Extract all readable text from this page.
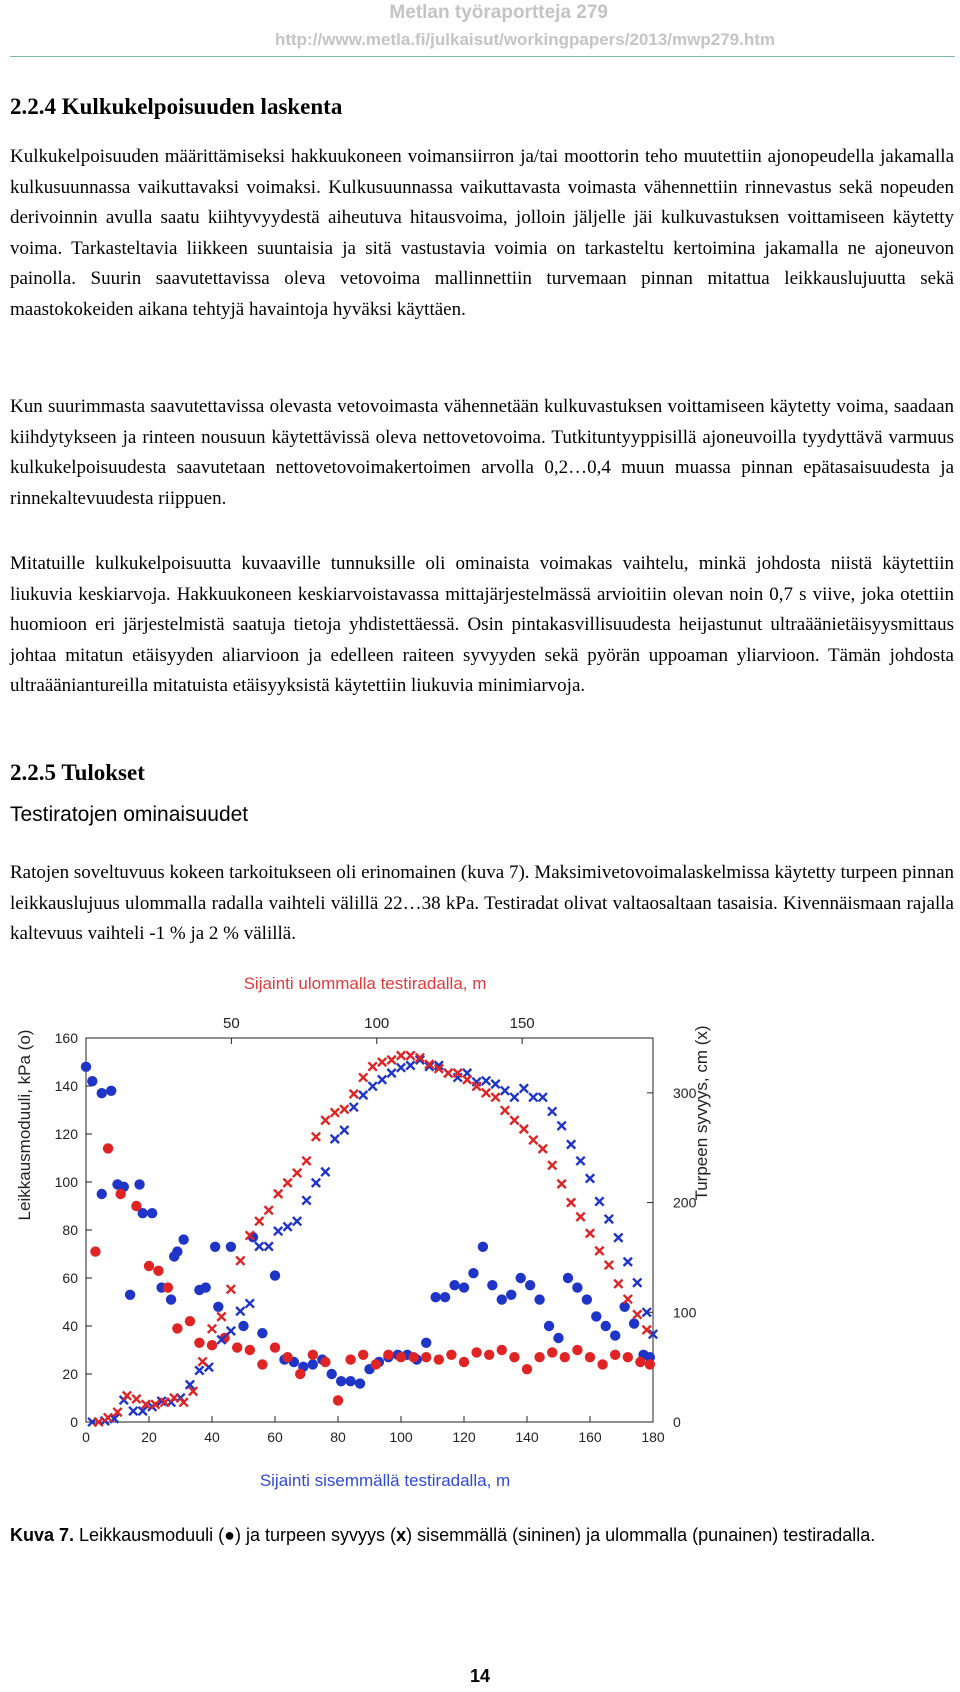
Metlan työraportteja 279
http://www.metla.fi/julkaisut/workingpapers/2013/mwp279.htm
2.2.4 Kulkukelpoisuuden laskenta

Kulkukelpoisuuden määrittämiseksi hakkuukoneen voimansiirron ja/tai moottorin teho muutettiin ajonopeudella jakamalla kulkusuunnassa vaikuttavaksi voimaksi. Kulkusuunnassa vaikuttavasta voimasta vähennettiin rinnevastus sekä nopeuden derivoinnin avulla saatu kiihtyvyydestä aiheutuva hitausvoima, jolloin jäljelle jäi kulkuvastuksen voittamiseen käytetty voima. Tarkasteltavia liikkeen suuntaisia ja sitä vastustavia voimia on tarkasteltu kertoimina jakamalla ne ajoneuvon painolla. Suurin saavutettavissa oleva vetovoima mallinnettiin turvemaan pinnan mitattua leikkauslujuutta sekä maastokokeiden aikana tehtyjä havaintoja hyväksi käyttäen.

Kun suurimmasta saavutettavissa olevasta vetovoimasta vähennetään kulkuvastuksen voittamiseen käytetty voima, saadaan kiihdytykseen ja rinteen nousuun käytettävissä oleva nettovetovoima. Tutkituntyyppisillä ajoneuvoilla tyydyttävä varmuus kulkukelpoisuudesta saavutetaan nettovetovoimakertoimen arvolla 0,2…0,4 muun muassa pinnan epätasaisuudesta ja rinnekaltevuudesta riippuen.

Mitatuille kulkukelpoisuutta kuvaaville tunnuksille oli ominaista voimakas vaihtelu, minkä johdosta niistä käytettiin liukuvia keskiarvoja. Hakkuukoneen keskiarvoistavassa mittajärjestelmässä arvioitiin olevan noin 0,7 s viive, joka otettiin huomioon eri järjestelmistä saatuja tietoja yhdistettäessä. Osin pintakasvillisuudesta heijastunut ultraäänietäisyysmittaus johtaa mitatun etäisyyden aliarvioon ja edelleen raiteen syvyyden sekä pyörän uppoaman yliarvioon. Tämän johdosta ultraääniantureilla mitatuista etäisyyksistä käytettiin liukuvia minimiarvoja.

2.2.5 Tulokset
Testiratojen ominaisuudet

Ratojen soveltuvuus kokeen tarkoitukseen oli erinomainen (kuva 7). Maksimivetovoimalaskelmissa käytetty turpeen pinnan leikkauslujuus ulommalla radalla vaihteli välillä 22…38 kPa. Testiradat olivat valtaosaltaan tasaisia. Kivennäismaan rajalla kaltevuus vaihteli -1 % ja 2 % välillä.

0	20	40	60	80	100	120	140	160	180
50	100	150
0
20
40
60
80
100
120
140
160
0
100
200
300
Sijainti ulommalla testiradalla, m
Sijainti sisemmällä testiradalla, m
Leikkausmoduuli, kPa (o)	Turpeen syvyys, cm (x)

Kuva 7. Leikkausmoduuli (●) ja turpeen syvyys (x) sisemmällä (sininen) ja ulommalla (punainen) testiradalla.

14
